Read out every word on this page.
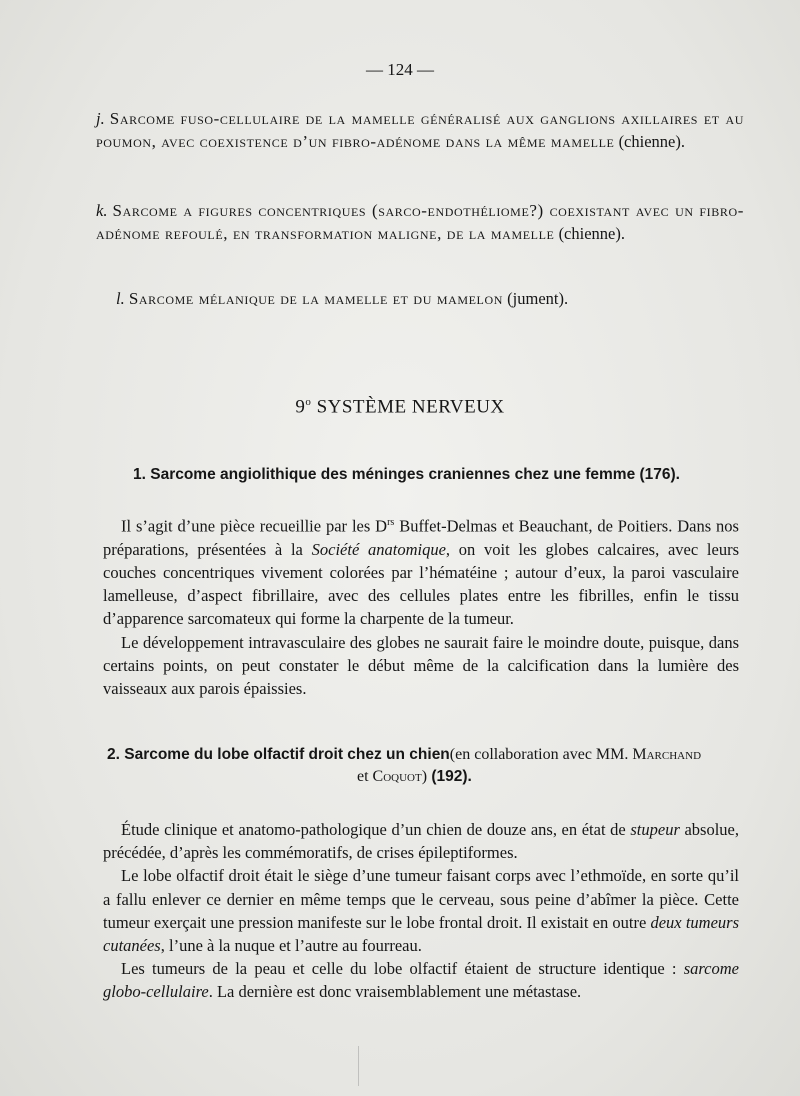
— 124 —
j. Sarcome fuso-cellulaire de la mamelle généralisé aux ganglions axillaires et au poumon, avec coexistence d’un fibro-adénome dans la même mamelle (chienne).
k. Sarcome a figures concentriques (sarco-endothéliome?) coexistant avec un fibro-adénome refoulé, en transformation maligne, de la mamelle (chienne).
l. Sarcome mélanique de la mamelle et du mamelon (jument).
9$^o$ SYSTÈME NERVEUX
1. Sarcome angiolithique des méninges craniennes chez une femme (176).

Il s’agit d’une pièce recueillie par les $D^{rs}$ Buffet-Delmas et Beauchant, de Poitiers. Dans nos préparations, présentées à la Société anatomique, on voit les globes calcaires, avec leurs couches concentriques vivement colorées par l’hématéine ; autour d’eux, la paroi vasculaire lamelleuse, d’aspect fibrillaire, avec des cellules plates entre les fibrilles, enfin le tissu d’apparence sarcomateux qui forme la charpente de la tumeur.

Le développement intravasculaire des globes ne saurait faire le moindre doute, puisque, dans certains points, on peut constater le début même de la calcification dans la lumière des vaisseaux aux parois épaissies.

2. Sarcome du lobe olfactif droit chez un chien(en collaboration avec MM. Marchand
et Coquot) (192).

Étude clinique et anatomo-pathologique d’un chien de douze ans, en état de stupeur absolue, précédée, d’après les commémoratifs, de crises épileptiformes.

Le lobe olfactif droit était le siège d’une tumeur faisant corps avec l’ethmoïde, en sorte qu’il a fallu enlever ce dernier en même temps que le cerveau, sous peine d’abîmer la pièce. Cette tumeur exerçait une pression manifeste sur le lobe frontal droit. Il existait en outre deux tumeurs cutanées, l’une à la nuque et l’autre au fourreau.

Les tumeurs de la peau et celle du lobe olfactif étaient de structure identique : sarcome globo-cellulaire. La dernière est donc vraisemblablement une métastase.
